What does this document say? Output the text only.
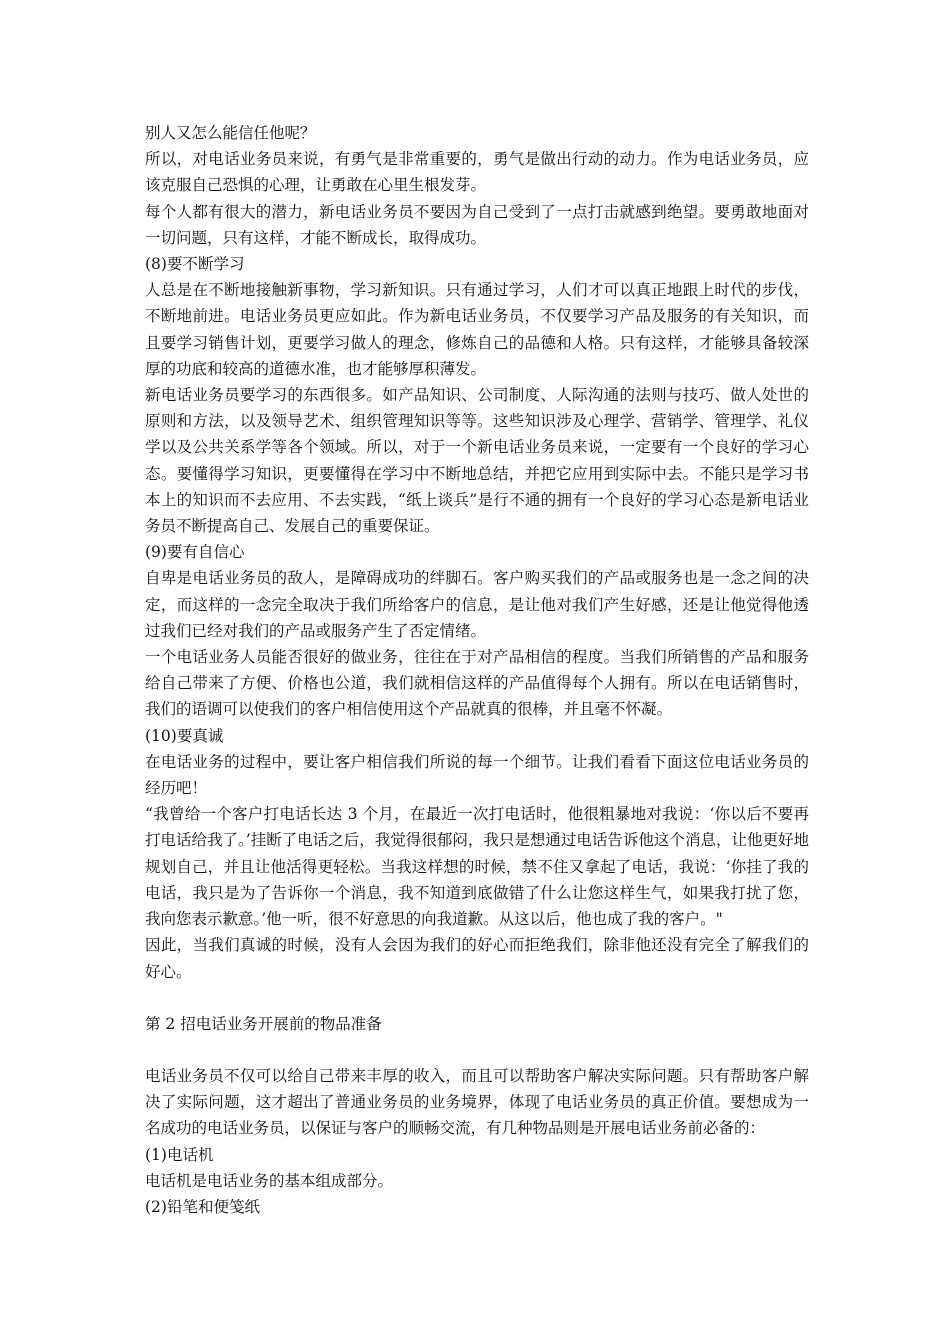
别人又怎么能信任他呢？

所以，对电话业务员来说，有勇气是非常重要的，勇气是做出行动的动力。作为电话业务员，应该克服自己恐惧的心理，让勇敢在心里生根发芽。

每个人都有很大的潜力，新电话业务员不要因为自己受到了一点打击就感到绝望。要勇敢地面对一切问题，只有这样，才能不断成长，取得成功。

(8)要不断学习

人总是在不断地接触新事物，学习新知识。只有通过学习，人们才可以真正地跟上时代的步伐，不断地前进。电话业务员更应如此。作为新电话业务员，不仅要学习产品及服务的有关知识，而且要学习销售计划，更要学习做人的理念，修炼自己的品德和人格。只有这样，才能够具备较深厚的功底和较高的道德水准，也才能够厚积薄发。

新电话业务员要学习的东西很多。如产品知识、公司制度、人际沟通的法则与技巧、做人处世的原则和方法，以及领导艺术、组织管理知识等等。这些知识涉及心理学、营销学、管理学、礼仪学以及公共关系学等各个领域。所以，对于一个新电话业务员来说，一定要有一个良好的学习心态。要懂得学习知识，更要懂得在学习中不断地总结，并把它应用到实际中去。不能只是学习书本上的知识而不去应用、不去实践，“纸上谈兵”是行不通的拥有一个良好的学习心态是新电话业务员不断提高自己、发展自己的重要保证。

(9)要有自信心

自卑是电话业务员的敌人，是障碍成功的绊脚石。客户购买我们的产品或服务也是一念之间的决定，而这样的一念完全取决于我们所给客户的信息，是让他对我们产生好感，还是让他觉得他透过我们已经对我们的产品或服务产生了否定情绪。

一个电话业务人员能否很好的做业务，往往在于对产品相信的程度。当我们所销售的产品和服务给自己带来了方便、价格也公道，我们就相信这样的产品值得每个人拥有。所以在电话销售时，我们的语调可以使我们的客户相信使用这个产品就真的很棒，并且毫不怀凝。

(10)要真诚

在电话业务的过程中，要让客户相信我们所说的每一个细节。让我们看看下面这位电话业务员的经历吧！

“我曾给一个客户打电话长达 3 个月，在最近一次打电话时，他很粗暴地对我说：‘你以后不要再打电话给我了。’挂断了电话之后，我觉得很郁闷，我只是想通过电话告诉他这个消息，让他更好地规划自己，并且让他活得更轻松。当我这样想的时候，禁不住又拿起了电话，我说：‘你挂了我的电话，我只是为了告诉你一个消息，我不知道到底做错了什么让您这样生气，如果我打扰了您，我向您表示歉意。’他一听，很不好意思的向我道歉。从这以后，他也成了我的客户。"

因此，当我们真诚的时候，没有人会因为我们的好心而拒绝我们，除非他还没有完全了解我们的好心。

第 2 招电话业务开展前的物品准备

电话业务员不仅可以给自己带来丰厚的收入，而且可以帮助客户解决实际问题。只有帮助客户解决了实际问题，这才超出了普通业务员的业务境界，体现了电话业务员的真正价值。要想成为一名成功的电话业务员，以保证与客户的顺畅交流，有几种物品则是开展电话业务前必备的：

(1)电话机

电话机是电话业务的基本组成部分。

(2)铅笔和便笺纸
